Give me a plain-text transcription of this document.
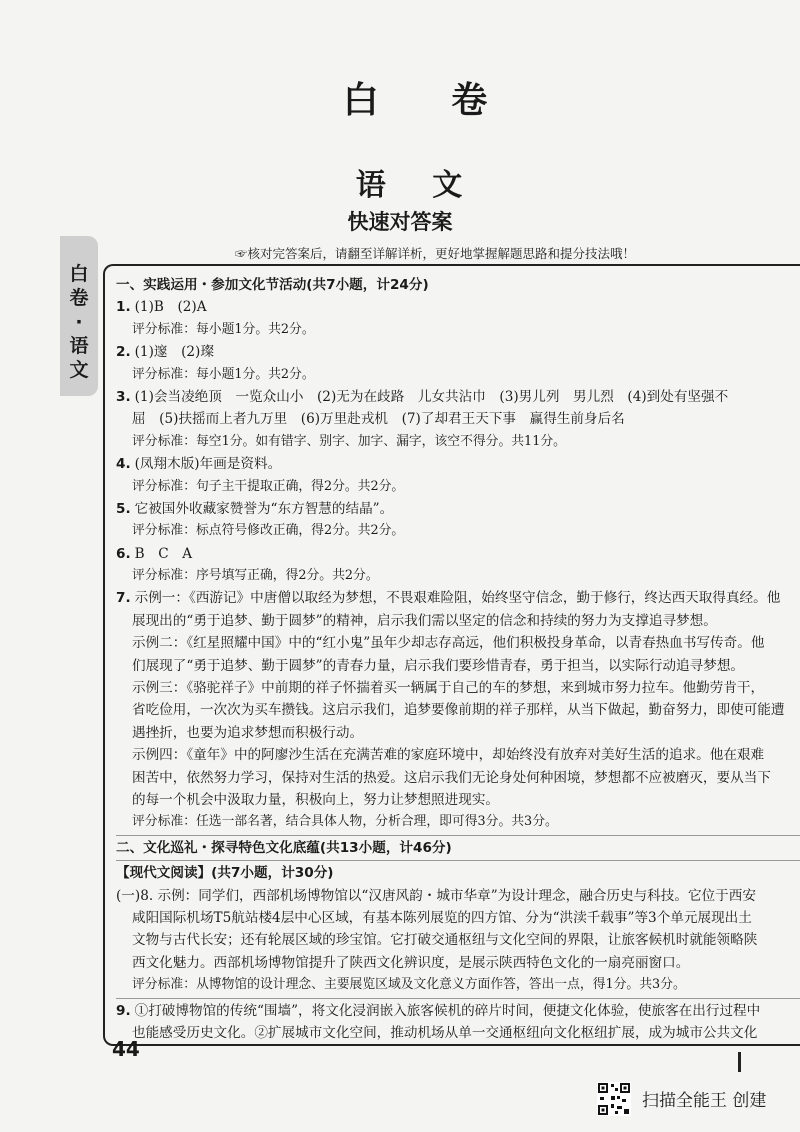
白
卷
·
语
文
白 卷
语 文
快速对答案
☞核对完答案后，请翻至详解详析，更好地掌握解题思路和提分技法哦！
一、实践运用・参加文化节活动(共7小题，计24分)
1. (1)B　(2)A
评分标准：每小题1分。共2分。
2. (1)邃　(2)璨
评分标准：每小题1分。共2分。
3. (1)会当凌绝顶　一览众山小　(2)无为在歧路　儿女共沾巾　(3)男儿列　男儿烈　(4)到处有坚强不
屈　(5)扶摇而上者九万里　(6)万里赴戎机　(7)了却君王天下事　赢得生前身后名
评分标准：每空1分。如有错字、别字、加字、漏字，该空不得分。共11分。
4. (凤翔木版)年画是资料。
评分标准：句子主干提取正确，得2分。共2分。
5. 它被国外收藏家赞誉为“东方智慧的结晶”。
评分标准：标点符号修改正确，得2分。共2分。
6. B　C　A
评分标准：序号填写正确，得2分。共2分。
7. 示例一：《西游记》中唐僧以取经为梦想，不畏艰难险阻，始终坚守信念，勤于修行，终达西天取得真经。他
展现出的“勇于追梦、勤于圆梦”的精神，启示我们需以坚定的信念和持续的努力为支撑追寻梦想。
示例二：《红星照耀中国》中的“红小鬼”虽年少却志存高远，他们积极投身革命，以青春热血书写传奇。他
们展现了“勇于追梦、勤于圆梦”的青春力量，启示我们要珍惜青春，勇于担当，以实际行动追寻梦想。
示例三：《骆驼祥子》中前期的祥子怀揣着买一辆属于自己的车的梦想，来到城市努力拉车。他勤劳肯干，
省吃俭用，一次次为买车攒钱。这启示我们，追梦要像前期的祥子那样，从当下做起，勤奋努力，即使可能遭
遇挫折，也要为追求梦想而积极行动。
示例四：《童年》中的阿廖沙生活在充满苦难的家庭环境中，却始终没有放弃对美好生活的追求。他在艰难
困苦中，依然努力学习，保持对生活的热爱。这启示我们无论身处何种困境，梦想都不应被磨灭，要从当下
的每一个机会中汲取力量，积极向上，努力让梦想照进现实。
评分标准：任选一部名著，结合具体人物，分析合理，即可得3分。共3分。
二、文化巡礼・探寻特色文化底蕴(共13小题，计46分)
【现代文阅读】(共7小题，计30分)
(一)8. 示例：同学们，西部机场博物馆以“汉唐风韵・城市华章”为设计理念，融合历史与科技。它位于西安
咸阳国际机场T5航站楼4层中心区域，有基本陈列展览的四方馆、分为“洪渎千载事”等3个单元展现出土
文物与古代长安；还有轮展区域的珍宝馆。它打破交通枢纽与文化空间的界限，让旅客候机时就能领略陕
西文化魅力。西部机场博物馆提升了陕西文化辨识度，是展示陕西特色文化的一扇亮丽窗口。
评分标准：从博物馆的设计理念、主要展览区域及文化意义方面作答，答出一点，得1分。共3分。
9. ①打破博物馆的传统“围墙”，将文化浸润嵌入旅客候机的碎片时间，便捷文化体验，使旅客在出行过程中
也能感受历史文化。②扩展城市文化空间，推动机场从单一交通枢纽向文化枢纽扩展，成为城市公共文化
44
扫描全能王 创建
